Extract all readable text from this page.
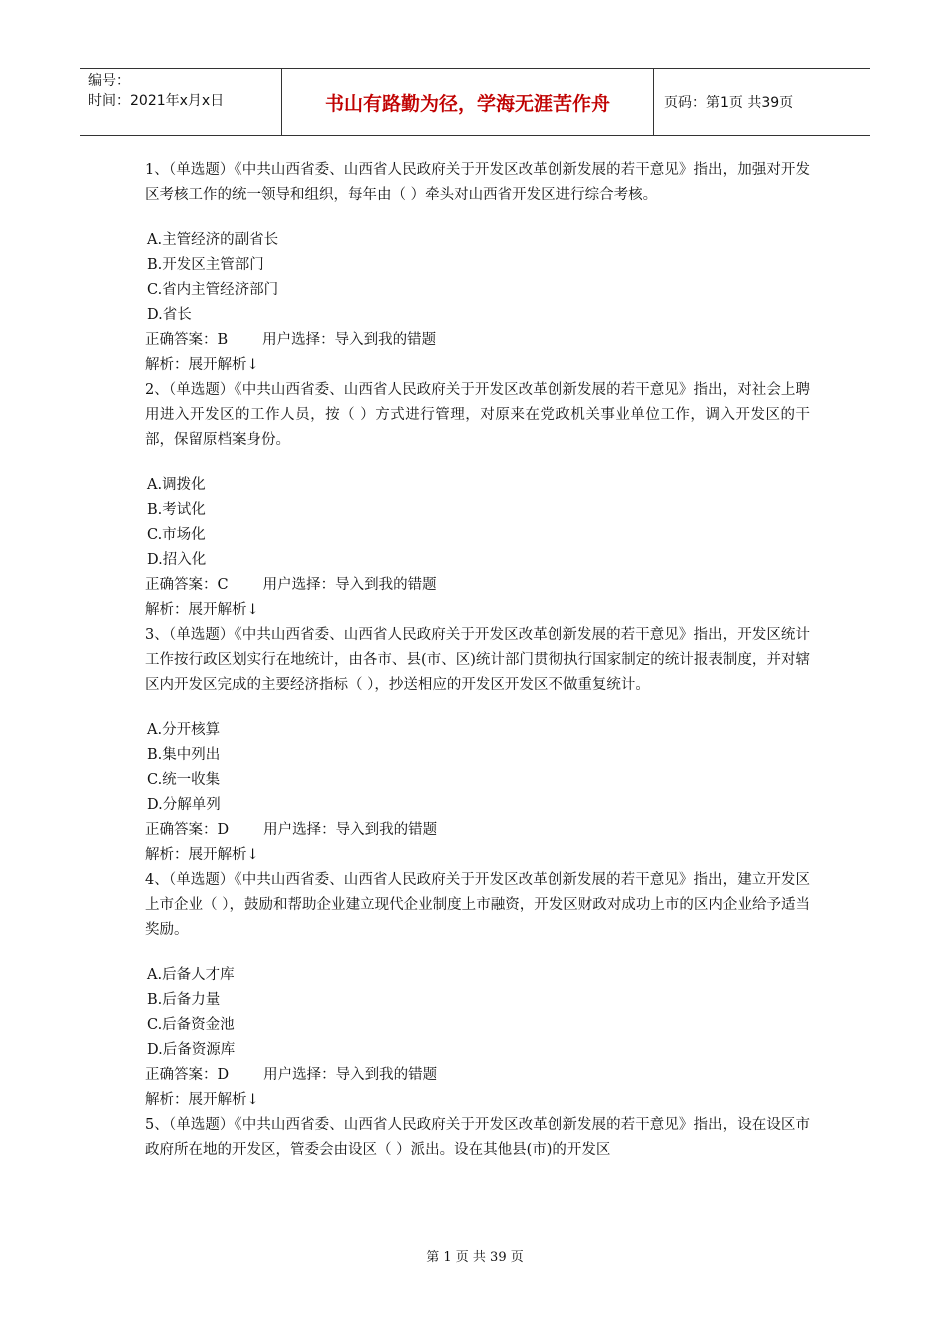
编号：
时间：2021年x月x日	书山有路勤为径，学海无涯苦作舟	页码：第1页 共39页

1、（单选题）《中共山西省委、山西省人民政府关于开发区改革创新发展的若干意见》指出，加强对开发区考核工作的统一领导和组织，每年由（ ）牵头对山西省开发区进行综合考核。

A.主管经济的副省长
B.开发区主管部门
C.省内主管经济部门
D.省长
正确答案：B 用户选择：导入到我的错题
解析：展开解析↓

2、（单选题）《中共山西省委、山西省人民政府关于开发区改革创新发展的若干意见》指出，对社会上聘用进入开发区的工作人员，按（ ）方式进行管理，对原来在党政机关事业单位工作，调入开发区的干部，保留原档案身份。

A.调拨化
B.考试化
C.市场化
D.招入化
正确答案：C 用户选择：导入到我的错题
解析：展开解析↓

3、（单选题）《中共山西省委、山西省人民政府关于开发区改革创新发展的若干意见》指出，开发区统计工作按行政区划实行在地统计，由各市、县(市、区)统计部门贯彻执行国家制定的统计报表制度，并对辖区内开发区完成的主要经济指标（ ），抄送相应的开发区开发区不做重复统计。

A.分开核算
B.集中列出
C.统一收集
D.分解单列
正确答案：D 用户选择：导入到我的错题
解析：展开解析↓

4、（单选题）《中共山西省委、山西省人民政府关于开发区改革创新发展的若干意见》指出，建立开发区上市企业（ ），鼓励和帮助企业建立现代企业制度上市融资，开发区财政对成功上市的区内企业给予适当奖励。

A.后备人才库
B.后备力量
C.后备资金池
D.后备资源库
正确答案：D 用户选择：导入到我的错题
解析：展开解析↓

5、（单选题）《中共山西省委、山西省人民政府关于开发区改革创新发展的若干意见》指出，设在设区市政府所在地的开发区，管委会由设区（ ）派出。设在其他县(市)的开发区

第 1 页 共 39 页
